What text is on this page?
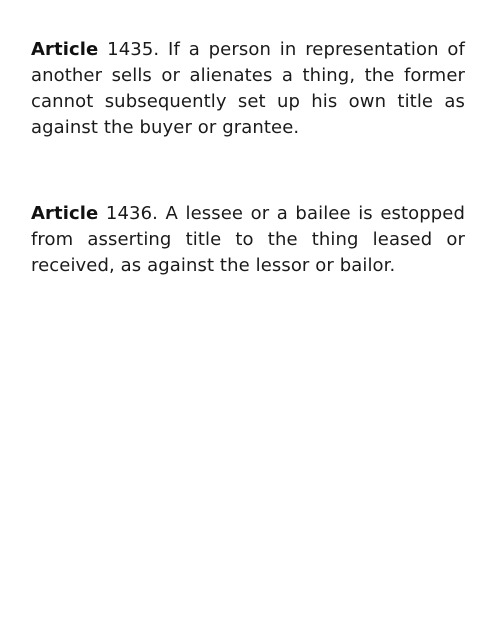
Article 1435. If a person in representation of another sells or alienates a thing, the former cannot subsequently set up his own title as against the buyer or grantee.

Article 1436. A lessee or a bailee is estopped from asserting title to the thing leased or received, as against the lessor or bailor.
